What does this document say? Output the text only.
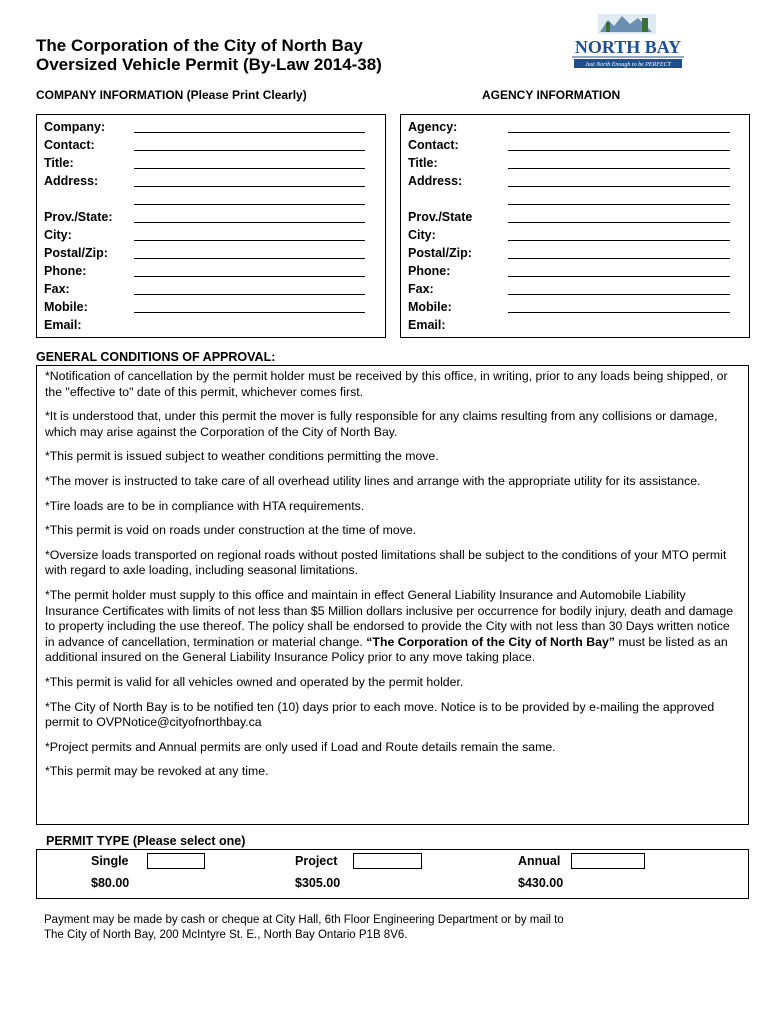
The Corporation of the City of North Bay
Oversized Vehicle Permit (By-Law 2014-38)
NORTH BAY
Just North Enough to be PERFECT
COMPANY INFORMATION (Please Print Clearly)	AGENCY INFORMATION
Company:
Contact:
Title:
Address:
Prov./State:
City:
Postal/Zip:
Phone:
Fax:
Mobile:
Email:
Agency:
Contact:
Title:
Address:
Prov./State
City:
Postal/Zip:
Phone:
Fax:
Mobile:
Email:
GENERAL CONDITIONS OF APPROVAL:

*Notification of cancellation by the permit holder must be received by this office, in writing, prior to any loads being shipped, or the "effective to" date of this permit, whichever comes first.

*It is understood that, under this permit the mover is fully responsible for any claims resulting from any collisions or damage, which may arise against the Corporation of the City of North Bay.

*This permit is issued subject to weather conditions permitting the move.

*The mover is instructed to take care of all overhead utility lines and arrange with the appropriate utility for its assistance.

*Tire loads are to be in compliance with HTA requirements.

*This permit is void on roads under construction at the time of move.

*Oversize loads transported on regional roads without posted limitations shall be subject to the conditions of your MTO permit with regard to axle loading, including seasonal limitations.

*The permit holder must supply to this office and maintain in effect General Liability Insurance and Automobile Liability Insurance Certificates with limits of not less than $5 Million dollars inclusive per occurrence for bodily injury, death and damage to property including the use thereof. The policy shall be endorsed to provide the City with not less than 30 Days written notice in advance of cancellation, termination or material change. “The Corporation of the City of North Bay” must be listed as an additional insured on the General Liability Insurance Policy prior to any move taking place.

*This permit is valid for all vehicles owned and operated by the permit holder.

*The City of North Bay is to be notified ten (10) days prior to each move. Notice is to be provided by e-mailing the approved permit to OVPNotice@cityofnorthbay.ca

*Project permits and Annual permits are only used if Load and Route details remain the same.

*This permit may be revoked at any time.

PERMIT TYPE (Please select one)
Single
$80.00
Project
$305.00
Annual
$430.00
Payment may be made by cash or cheque at City Hall, 6th Floor Engineering Department or by mail to
The City of North Bay, 200 McIntyre St. E., North Bay Ontario P1B 8V6.
